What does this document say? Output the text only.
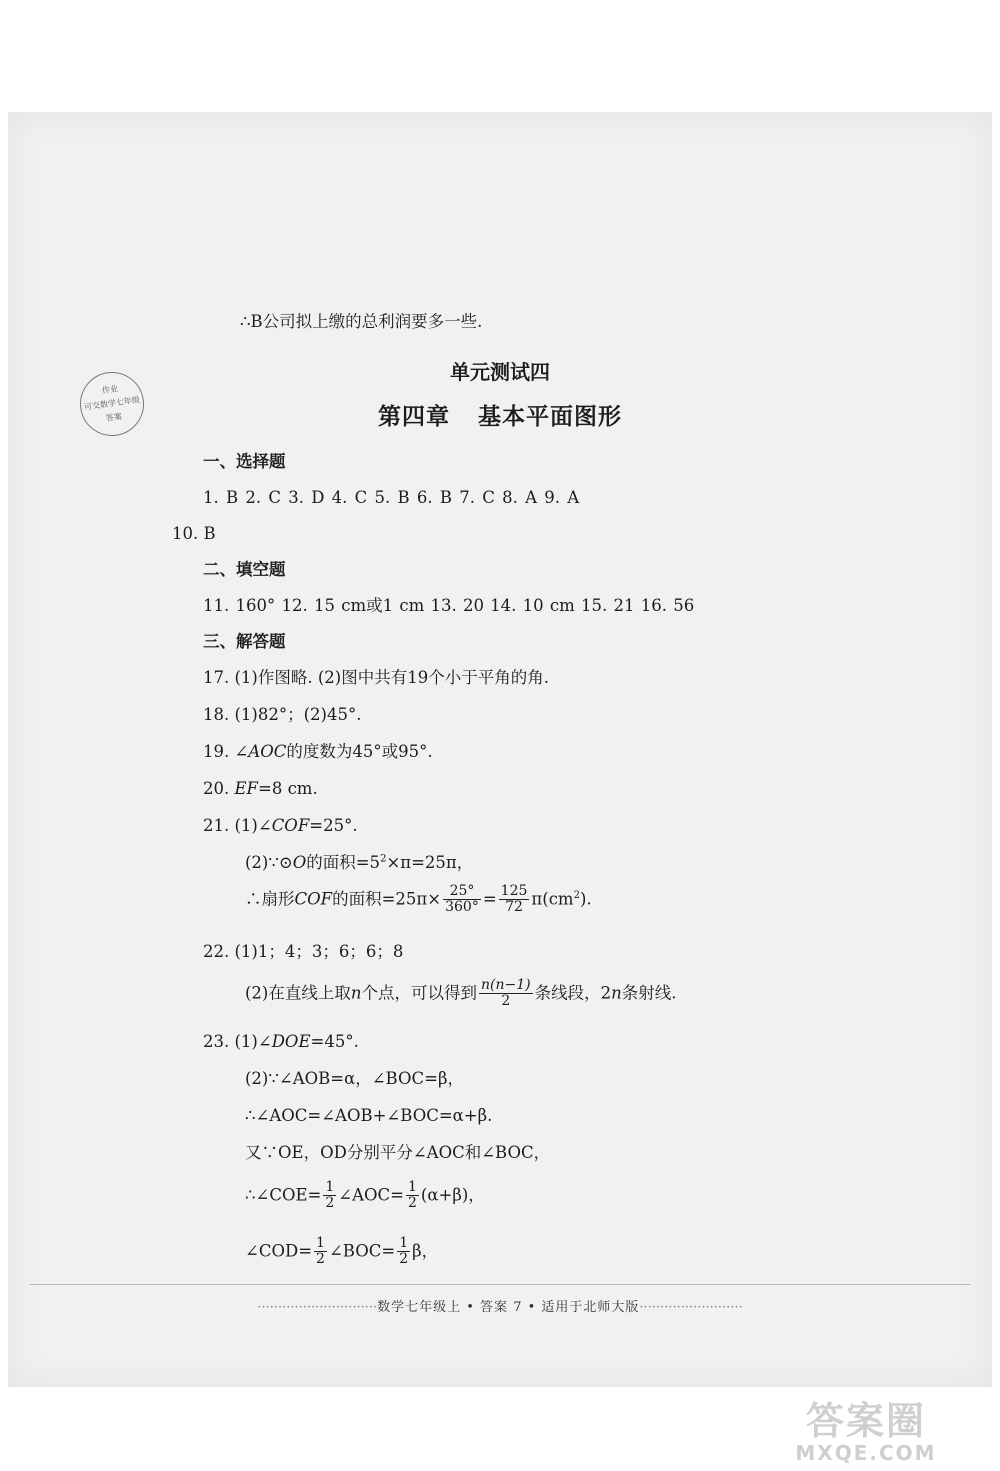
∴B公司拟上缴的总利润要多一些.
作业
可交数学七年级
答案
单元测试四
第四章 基本平面图形
一、选择题
1. B 2. C 3. D 4. C 5. B 6. B 7. C 8. A 9. A
10. B
二、填空题
11. 160° 12. 15 cm或1 cm 13. 20 14. 10 cm 15. 21 16. 56
三、解答题
17. (1)作图略. (2)图中共有19个小于平角的角.
18. (1)82°；(2)45°.
19. ∠AOC的度数为45°或95°.
20. EF=8 cm.
21. (1)∠COF=25°.
(2)∵⊙O的面积$=5^2\times\pi=25\pi$，
∴扇形COF的面积$=25\pi\times \frac{25^\circ}{360^\circ} = \frac{125}{72} \pi(cm^2)$.
22. (1)1；4；3；6；6；8
(2)在直线上取n个点，可以得到 $\frac{n(n-1)}{2}$ 条线段，2n条射线.
23. (1)∠DOE=45°.
(2)∵∠AOB=α，∠BOC=β，
∴∠AOC=∠AOB+∠BOC=α+β.
又∵OE，OD分别平分∠AOC和∠BOC，
∴∠COE= $\frac{1}{2}$ ∠AOC= $\frac{1}{2} (\alpha+\beta)$，
∠COD= $\frac{1}{2}$ ∠BOC= $\frac{1}{2}$ β，
·····························数学七年级上 • 答案 7 • 适用于北师大版·························
答案圈
MXQE.COM
